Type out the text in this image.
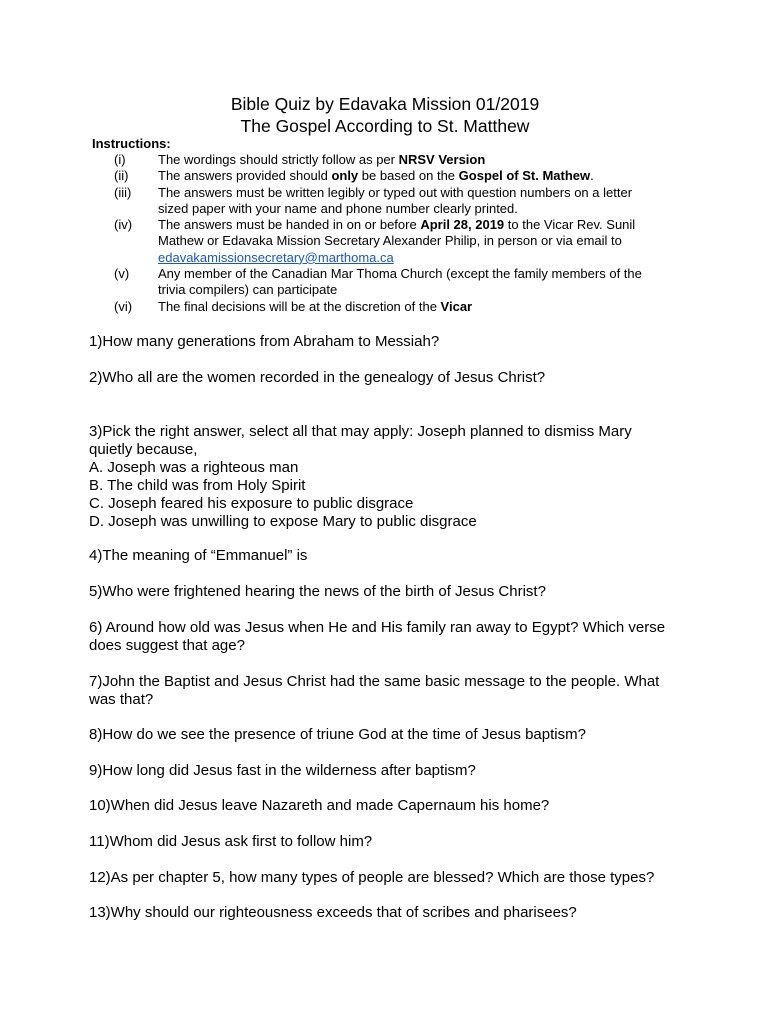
Bible Quiz by Edavaka Mission 01/2019
The Gospel According to St. Matthew
Instructions:
(i)	The wordings should strictly follow as per NRSV Version
(ii)	The answers provided should only be based on the Gospel of St. Mathew.
(iii)	The answers must be written legibly or typed out with question numbers on a letter
sized paper with your name and phone number clearly printed.
(iv)	The answers must be handed in on or before April 28, 2019 to the Vicar Rev. Sunil
Mathew or Edavaka Mission Secretary Alexander Philip, in person or via email to
edavakamissionsecretary@marthoma.ca
(v)	Any member of the Canadian Mar Thoma Church (except the family members of the
trivia compilers) can participate
(vi)	The final decisions will be at the discretion of the Vicar
1)How many generations from Abraham to Messiah?
2)Who all are the women recorded in the genealogy of Jesus Christ?
3)Pick the right answer, select all that may apply: Joseph planned to dismiss Mary
quietly because,
A. Joseph was a righteous man
B. The child was from Holy Spirit
C. Joseph feared his exposure to public disgrace
D. Joseph was unwilling to expose Mary to public disgrace
4)The meaning of “Emmanuel” is
5)Who were frightened hearing the news of the birth of Jesus Christ?
6) Around how old was Jesus when He and His family ran away to Egypt? Which verse
does suggest that age?
7)John the Baptist and Jesus Christ had the same basic message to the people. What
was that?
8)How do we see the presence of triune God at the time of Jesus baptism?
9)How long did Jesus fast in the wilderness after baptism?
10)When did Jesus leave Nazareth and made Capernaum his home?
11)Whom did Jesus ask first to follow him?
12)As per chapter 5, how many types of people are blessed? Which are those types?
13)Why should our righteousness exceeds that of scribes and pharisees?
